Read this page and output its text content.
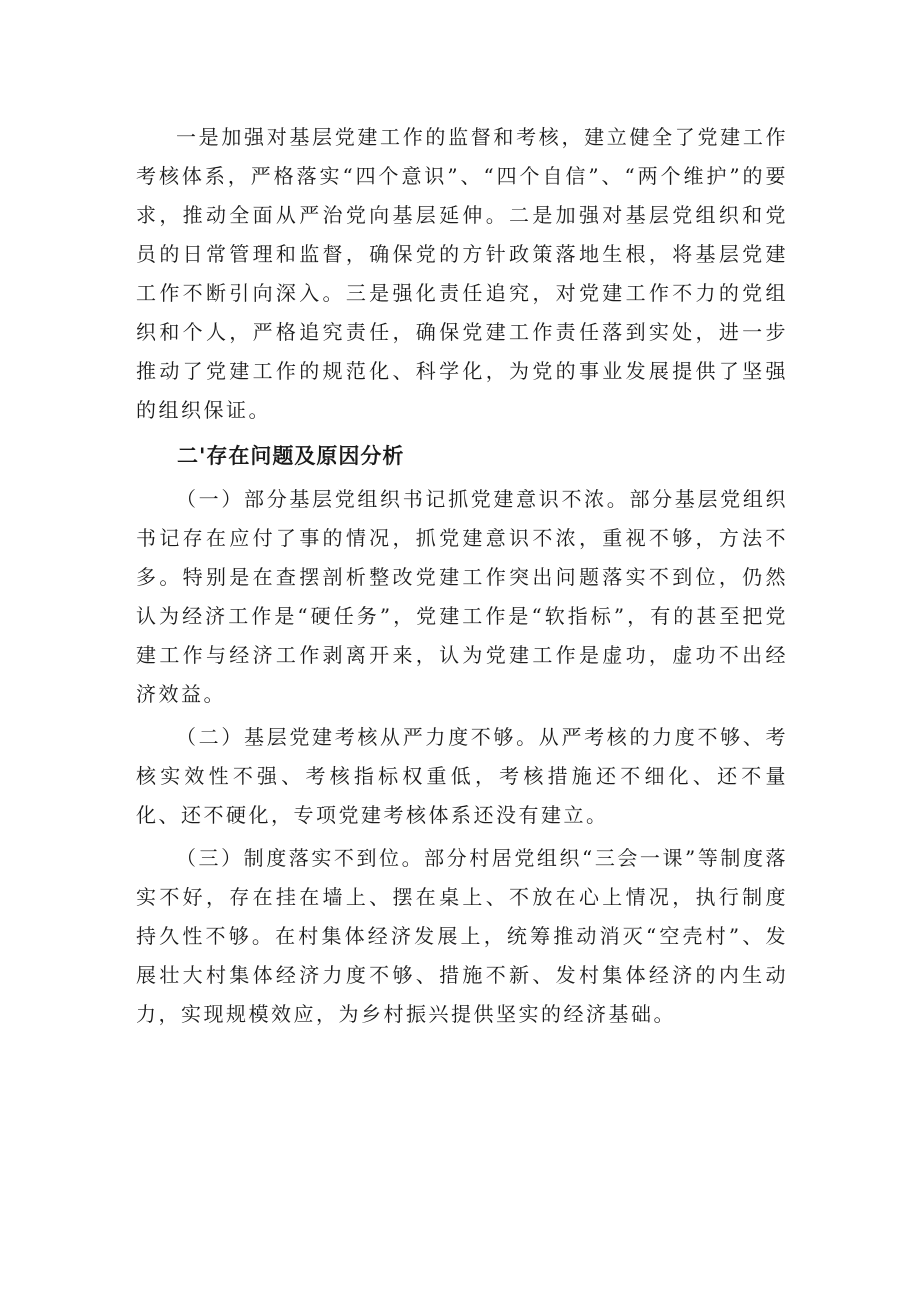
一是加强对基层党建工作的监督和考核，建立健全了党建工作考核体系，严格落实“四个意识”、“四个自信”、“两个维护”的要求，推动全面从严治党向基层延伸。二是加强对基层党组织和党员的日常管理和监督，确保党的方针政策落地生根，将基层党建工作不断引向深入。三是强化责任追究，对党建工作不力的党组织和个人，严格追究责任，确保党建工作责任落到实处，进一步推动了党建工作的规范化、科学化，为党的事业发展提供了坚强的组织保证。

二'存在问题及原因分析

（一）部分基层党组织书记抓党建意识不浓。部分基层党组织书记存在应付了事的情况，抓党建意识不浓，重视不够，方法不多。特别是在查摆剖析整改党建工作突出问题落实不到位，仍然认为经济工作是“硬任务”，党建工作是“软指标”，有的甚至把党建工作与经济工作剥离开来，认为党建工作是虚功，虚功不出经济效益。

（二）基层党建考核从严力度不够。从严考核的力度不够、考核实效性不强、考核指标权重低，考核措施还不细化、还不量化、还不硬化，专项党建考核体系还没有建立。

（三）制度落实不到位。部分村居党组织“三会一课”等制度落实不好，存在挂在墙上、摆在桌上、不放在心上情况，执行制度持久性不够。在村集体经济发展上，统筹推动消灭“空壳村”、发展壮大村集体经济力度不够、措施不新、发村集体经济的内生动力，实现规模效应，为乡村振兴提供坚实的经济基础。
